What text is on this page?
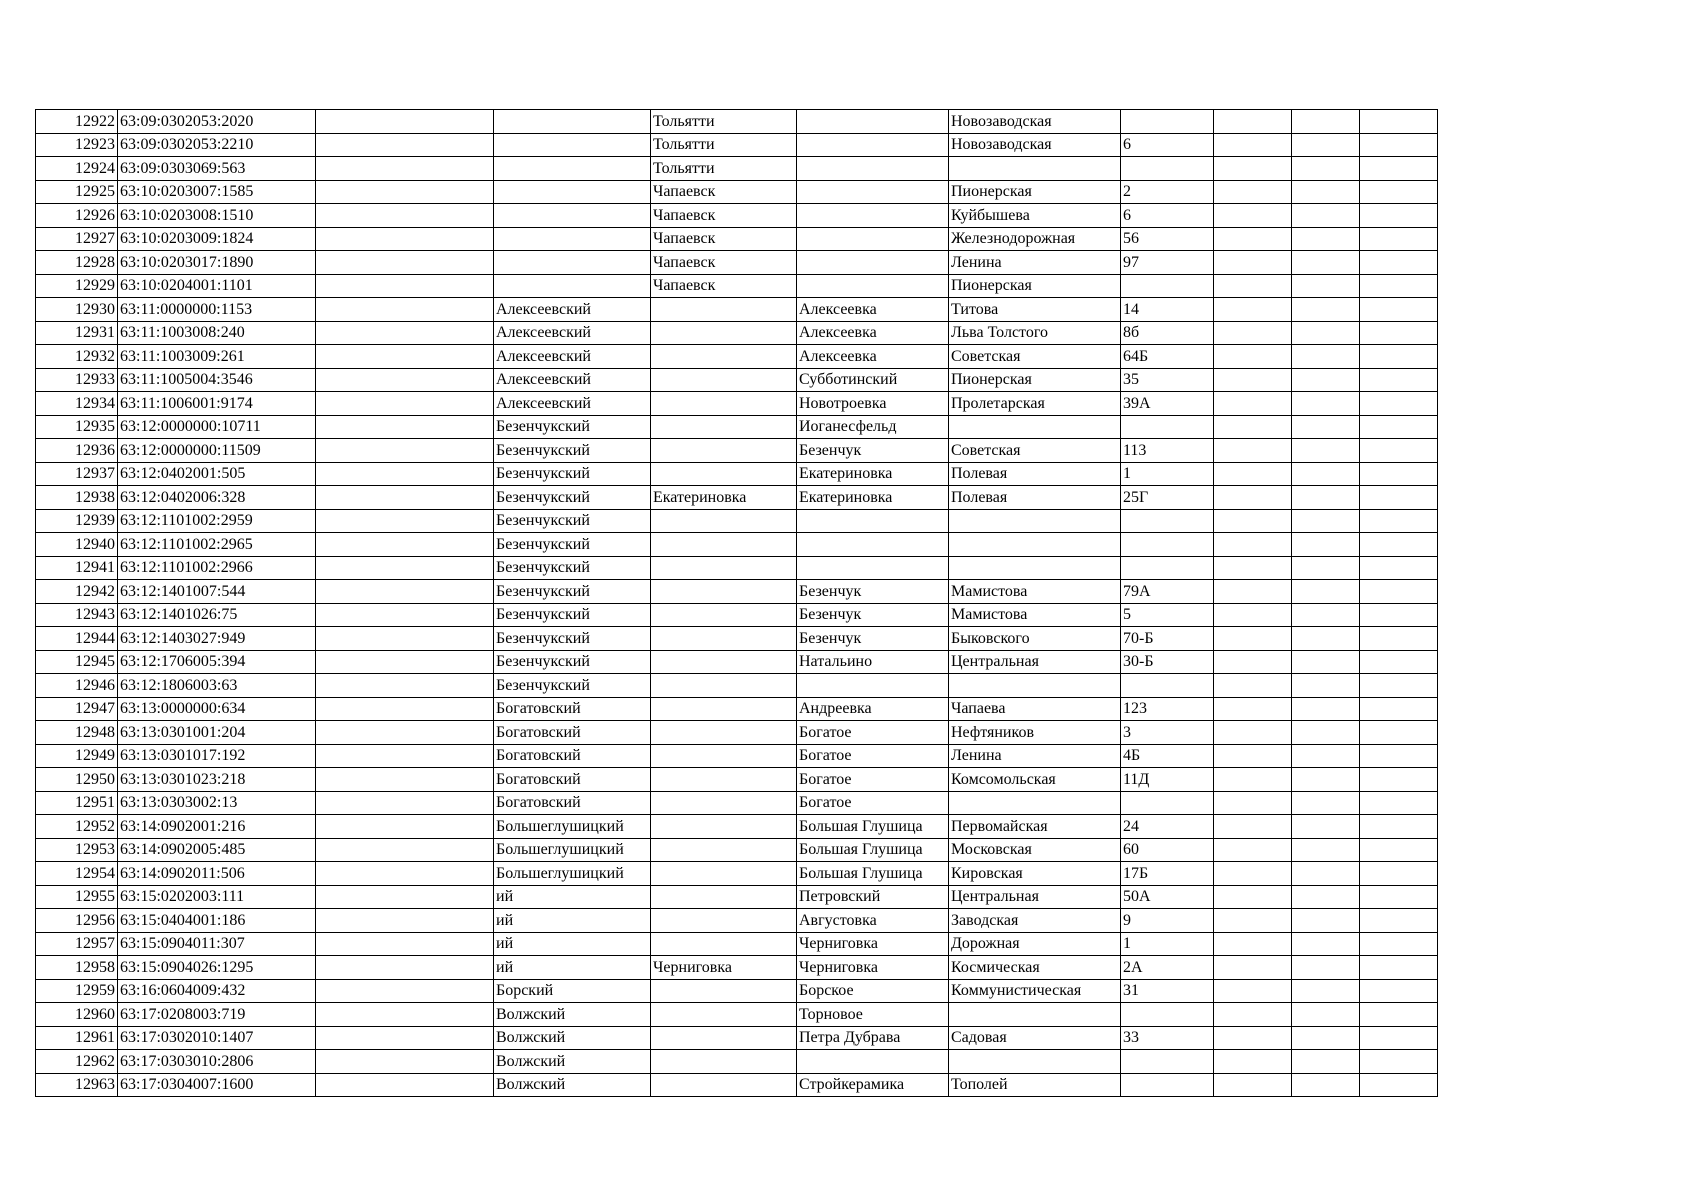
12922	63:09:0302053:2020			Тольятти		Новозаводская				
12923	63:09:0302053:2210			Тольятти		Новозаводская	6			
12924	63:09:0303069:563			Тольятти						
12925	63:10:0203007:1585			Чапаевск		Пионерская	2			
12926	63:10:0203008:1510			Чапаевск		Куйбышева	6			
12927	63:10:0203009:1824			Чапаевск		Железнодорожная	56			
12928	63:10:0203017:1890			Чапаевск		Ленина	97			
12929	63:10:0204001:1101			Чапаевск		Пионерская				
12930	63:11:0000000:1153		Алексеевский		Алексеевка	Титова	14			
12931	63:11:1003008:240		Алексеевский		Алексеевка	Льва Толстого	8б			
12932	63:11:1003009:261		Алексеевский		Алексеевка	Советская	64Б			
12933	63:11:1005004:3546		Алексеевский		Субботинский	Пионерская	35			
12934	63:11:1006001:9174		Алексеевский		Новотроевка	Пролетарская	39А			
12935	63:12:0000000:10711		Безенчукский		Иоганесфельд					
12936	63:12:0000000:11509		Безенчукский		Безенчук	Советская	113			
12937	63:12:0402001:505		Безенчукский		Екатериновка	Полевая	1			
12938	63:12:0402006:328		Безенчукский	Екатериновка	Екатериновка	Полевая	25Г			
12939	63:12:1101002:2959		Безенчукский							
12940	63:12:1101002:2965		Безенчукский							
12941	63:12:1101002:2966		Безенчукский							
12942	63:12:1401007:544		Безенчукский		Безенчук	Мамистова	79А			
12943	63:12:1401026:75		Безенчукский		Безенчук	Мамистова	5			
12944	63:12:1403027:949		Безенчукский		Безенчук	Быковского	70-Б			
12945	63:12:1706005:394		Безенчукский		Натальино	Центральная	30-Б			
12946	63:12:1806003:63		Безенчукский							
12947	63:13:0000000:634		Богатовский		Андреевка	Чапаева	123			
12948	63:13:0301001:204		Богатовский		Богатое	Нефтяников	3			
12949	63:13:0301017:192		Богатовский		Богатое	Ленина	4Б			
12950	63:13:0301023:218		Богатовский		Богатое	Комсомольская	11Д			
12951	63:13:0303002:13		Богатовский		Богатое					
12952	63:14:0902001:216		Большеглушицкий		Большая Глушица	Первомайская	24			
12953	63:14:0902005:485		Большеглушицкий		Большая Глушица	Московская	60			
12954	63:14:0902011:506		Большеглушицкий		Большая Глушица	Кировская	17Б			
12955	63:15:0202003:111		ий		Петровский	Центральная	50А			
12956	63:15:0404001:186		ий		Августовка	Заводская	9			
12957	63:15:0904011:307		ий		Черниговка	Дорожная	1			
12958	63:15:0904026:1295		ий	Черниговка	Черниговка	Космическая	2А			
12959	63:16:0604009:432		Борский		Борское	Коммунистическая	31			
12960	63:17:0208003:719		Волжский		Торновое					
12961	63:17:0302010:1407		Волжский		Петра Дубрава	Садовая	33			
12962	63:17:0303010:2806		Волжский							
12963	63:17:0304007:1600		Волжский		Стройкерамика	Тополей				
